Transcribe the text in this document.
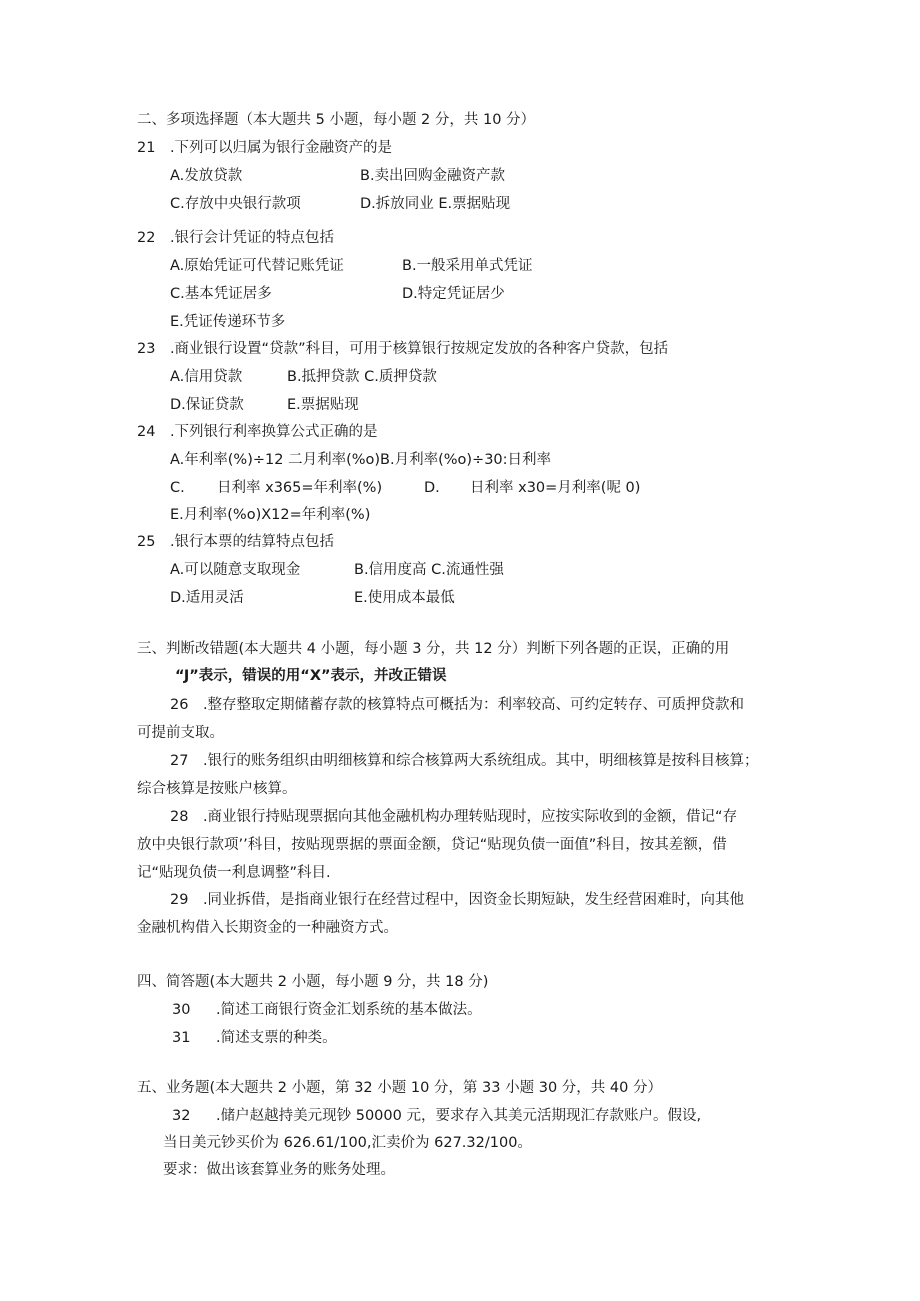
二、多项选择题（本大题共 5 小题，每小题 2 分，共 10 分）
21　.下列可以归属为银行金融资产的是
A.发放贷款	B.卖出回购金融资产款
C.存放中央银行款项	D.拆放同业 E.票据贴现
22　.银行会计凭证的特点包括
A.原始凭证可代替记账凭证	B.一般采用单式凭证
C.基本凭证居多	D.特定凭证居少
E.凭证传递环节多
23　.商业银行设置“贷款”科目，可用于核算银行按规定发放的各种客户贷款，包括
A.信用贷款	B.抵押贷款 C.质押贷款
D.保证贷款	E.票据贴现
24　.下列银行利率换算公式正确的是
A.年利率(%)÷12 二月利率(%o)B.月利率(%o)÷30:日利率
C. 日利率 x365=年利率(%)	D. 日利率 x30=月利率(呢 0)
E.月利率(%o)X12=年利率(%)
25　.银行本票的结算特点包括
A.可以随意支取现金	B.信用度高 C.流通性强
D.适用灵活	E.使用成本最低
三、判断改错题(本大题共 4 小题，每小题 3 分，共 12 分）判断下列各题的正误，正确的用
“J”表示，错误的用“X”表示，并改正错误
26　.整存整取定期储蓄存款的核算特点可概括为：利率较高、可约定转存、可质押贷款和
可提前支取。
27　.银行的账务组织由明细核算和综合核算两大系统组成。其中，明细核算是按科目核算；
综合核算是按账户核算。
28　.商业银行持贴现票据向其他金融机构办理转贴现时，应按实际收到的金额，借记“存
放中央银行款项’’科目，按贴现票据的票面金额，贷记“贴现负债一面值”科目，按其差额，借
记“贴现负债一利息调整”科目.
29　.同业拆借，是指商业银行在经营过程中，因资金长期短缺，发生经营困难时，向其他
金融机构借入长期资金的一种融资方式。
四、简答题(本大题共 2 小题，每小题 9 分，共 18 分)
30 .简述工商银行资金汇划系统的基本做法。
31 .简述支票的种类。
五、业务题(本大题共 2 小题，第 32 小题 10 分，第 33 小题 30 分，共 40 分）
32 .储户赵越持美元现钞 50000 元，要求存入其美元活期现汇存款账户。假设,
当日美元钞买价为 626.61/100,汇卖价为 627.32/100。
要求：做出该套算业务的账务处理。
